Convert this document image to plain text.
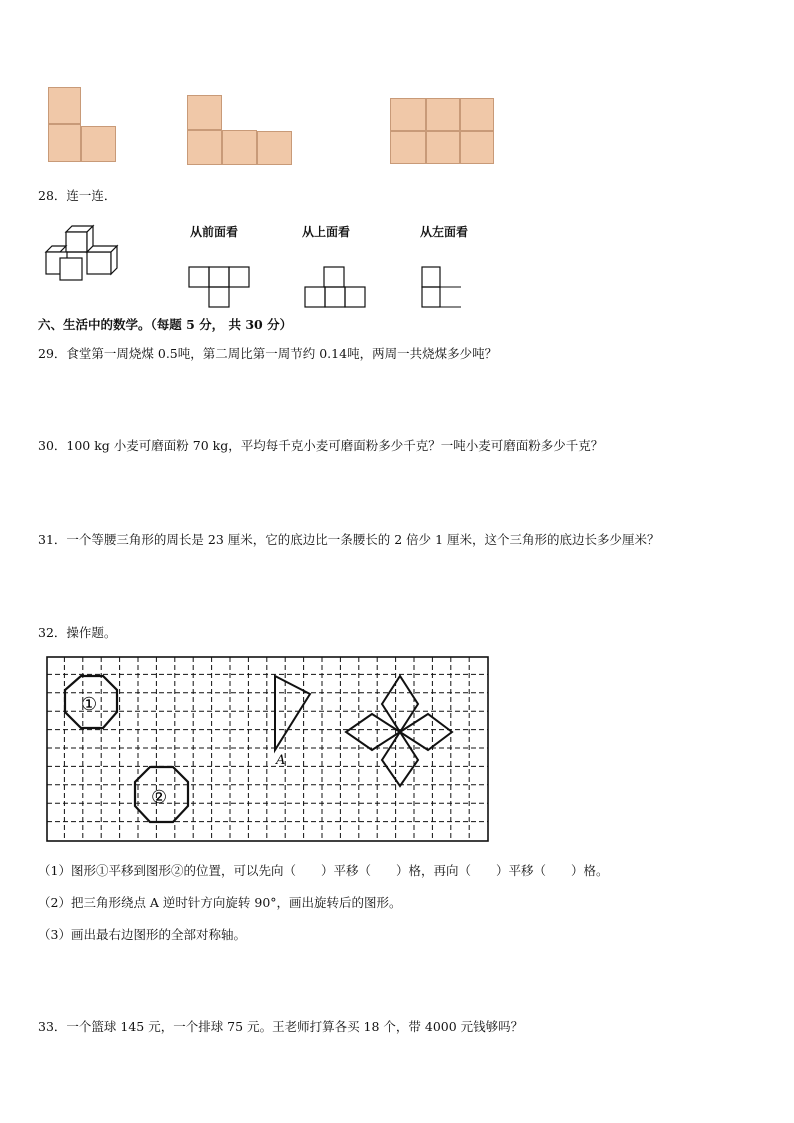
28．连一连．
从前面看	从上面看	从左面看
六、生活中的数学。（每题 5 分， 共 30 分）
29．食堂第一周烧煤 0.5吨，第二周比第一周节约 0.14吨，两周一共烧煤多少吨？
30．100 kg 小麦可磨面粉 70 kg，平均每千克小麦可磨面粉多少千克？一吨小麦可磨面粉多少千克？
31．一个等腰三角形的周长是 23 厘米，它的底边比一条腰长的 2 倍少 1 厘米，这个三角形的底边长多少厘米？
32．操作题。
①
②
A
（1）图形①平移到图形②的位置，可以先向（　　）平移（　　）格，再向（　　）平移（　　）格。
（2）把三角形绕点 A 逆时针方向旋转 90°，画出旋转后的图形。
（3）画出最右边图形的全部对称轴。
33．一个篮球 145 元，一个排球 75 元。王老师打算各买 18 个，带 4000 元钱够吗？
